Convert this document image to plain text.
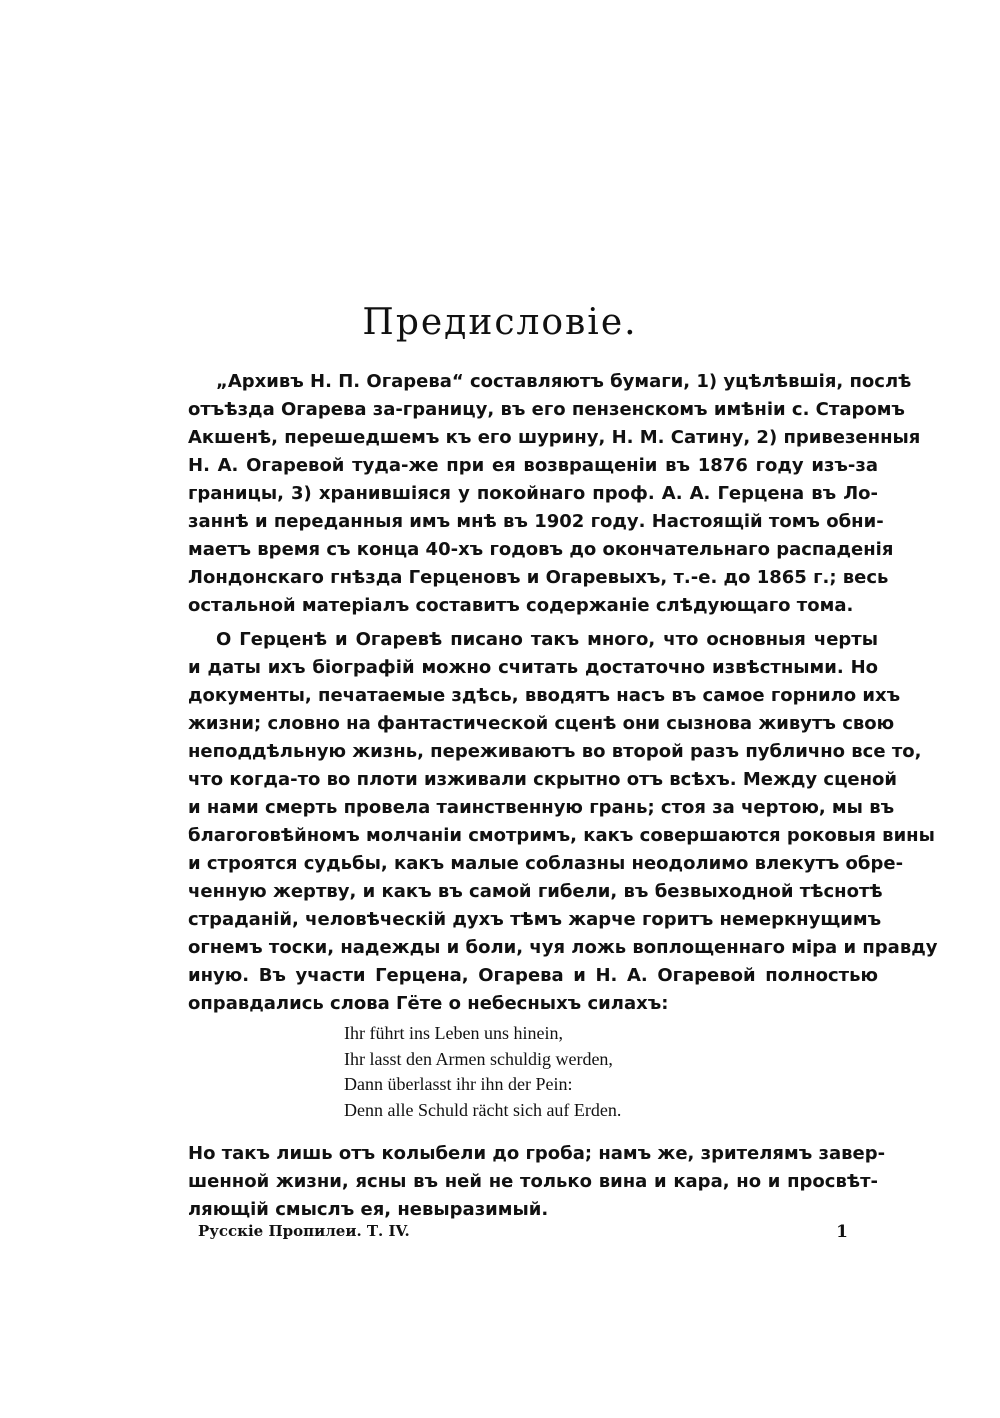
Предисловіе.
„Архивъ Н. П. Огарева“ составляютъ бумаги, 1) уцѣлѣвшія, послѣ
отъѣзда Огарева за-границу, въ его пензенскомъ имѣніи с. Старомъ
Акшенѣ, перешедшемъ къ его шурину, Н. М. Сатину, 2) привезенныя
Н. А. Огаревой туда-же при ея возвращеніи въ 1876 году изъ-за
границы, 3) хранившіяся у покойнаго проф. А. А. Герцена въ Ло-
заннѣ и переданныя имъ мнѣ въ 1902 году. Настоящій томъ обни-
маетъ время съ конца 40-хъ годовъ до окончательнаго распаденія
Лондонскаго гнѣзда Герценовъ и Огаревыхъ, т.-е. до 1865 г.; весь
остальной матеріалъ составитъ содержаніе слѣдующаго тома.
О Герценѣ и Огаревѣ писано такъ много, что основныя черты
и даты ихъ біографій можно считать достаточно извѣстными. Но
документы, печатаемые здѣсь, вводятъ насъ въ самое горнило ихъ
жизни; словно на фантастической сценѣ они сызнова живутъ свою
неподдѣльную жизнь, переживаютъ во второй разъ публично все то,
что когда-то во плоти изживали скрытно отъ всѣхъ. Между сценой
и нами смерть провела таинственную грань; стоя за чертою, мы въ
благоговѣйномъ молчаніи смотримъ, какъ совершаются роковыя вины
и строятся судьбы, какъ малые соблазны неодолимо влекутъ обре-
ченную жертву, и какъ въ самой гибели, въ безвыходной тѣснотѣ
страданій, человѣческій духъ тѣмъ жарче горитъ немеркнущимъ
огнемъ тоски, надежды и боли, чуя ложь воплощеннаго міра и правду
иную. Въ участи Герцена, Огарева и Н. А. Огаревой полностью
оправдались слова Гёте о небесныхъ силахъ:
Ihr führt ins Leben uns hinein,
Ihr lasst den Armen schuldig werden,
Dann überlasst ihr ihn der Pein:
Denn alle Schuld rächt sich auf Erden.
Но такъ лишь отъ колыбели до гроба; намъ же, зрителямъ завер-
шенной жизни, ясны въ ней не только вина и кара, но и просвѣт-
ляющій смыслъ ея, невыразимый.
Русскіе Пропилеи. Т. IV.	1
